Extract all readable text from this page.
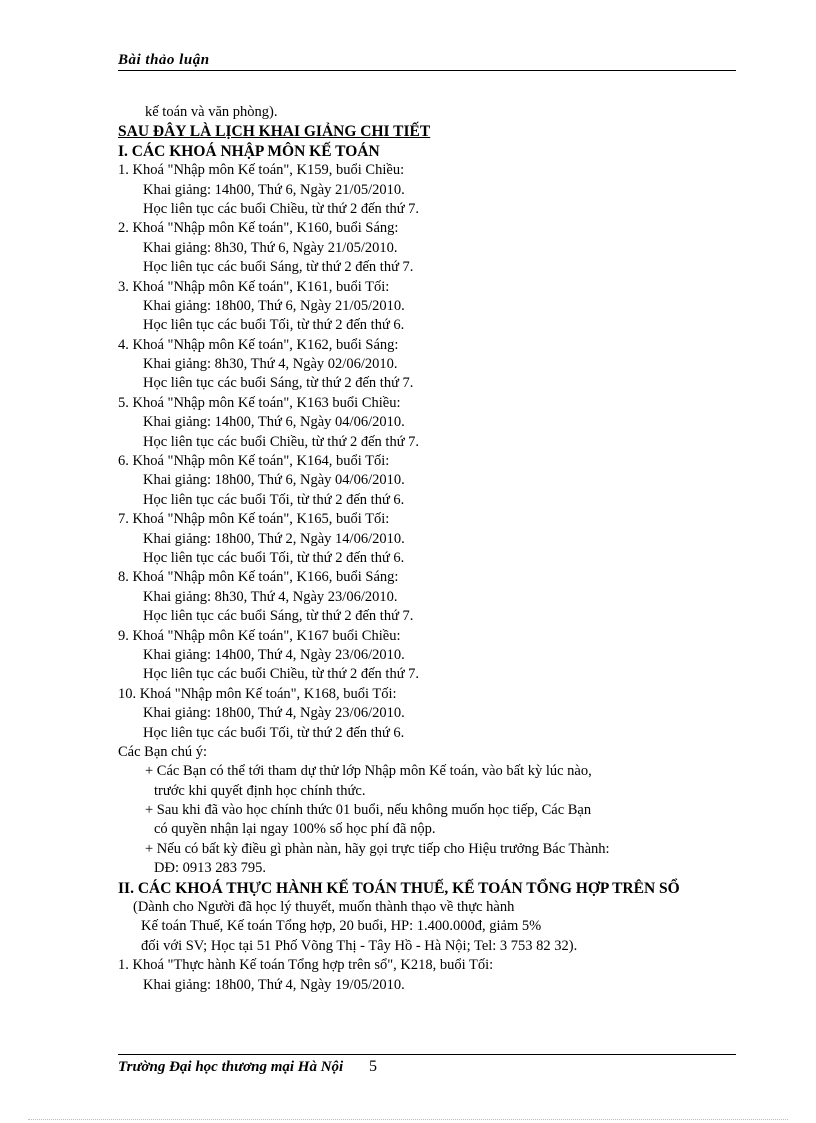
Bài thảo luận
kế toán và văn phòng).
SAU ĐÂY LÀ LỊCH KHAI GIẢNG CHI TIẾT
I. CÁC KHOÁ NHẬP MÔN KẾ TOÁN
1. Khoá "Nhập môn Kế toán", K159, buổi Chiều:
Khai giảng: 14h00, Thứ 6, Ngày 21/05/2010.
Học liên tục các buổi Chiều, từ thứ 2 đến thứ 7.
2. Khoá "Nhập môn Kế toán", K160, buổi Sáng:
Khai giảng: 8h30, Thứ 6, Ngày 21/05/2010.
Học liên tục các buổi Sáng, từ thứ 2 đến thứ 7.
3. Khoá "Nhập môn Kế toán", K161, buổi Tối:
Khai giảng: 18h00, Thứ 6, Ngày 21/05/2010.
Học liên tục các buổi Tối, từ thứ 2 đến thứ 6.
4. Khoá "Nhập môn Kế toán", K162, buổi Sáng:
Khai giảng: 8h30, Thứ 4, Ngày 02/06/2010.
Học liên tục các buổi Sáng, từ thứ 2 đến thứ 7.
5. Khoá "Nhập môn Kế toán", K163 buổi Chiều:
Khai giảng: 14h00, Thứ 6, Ngày 04/06/2010.
Học liên tục các buổi Chiều, từ thứ 2 đến thứ 7.
6. Khoá "Nhập môn Kế toán", K164, buổi Tối:
Khai giảng: 18h00, Thứ 6, Ngày 04/06/2010.
Học liên tục các buổi Tối, từ thứ 2 đến thứ 6.
7. Khoá "Nhập môn Kế toán", K165, buổi Tối:
Khai giảng: 18h00, Thứ 2, Ngày 14/06/2010.
Học liên tục các buổi Tối, từ thứ 2 đến thứ 6.
8. Khoá "Nhập môn Kế toán", K166, buổi Sáng:
Khai giảng: 8h30, Thứ 4, Ngày 23/06/2010.
Học liên tục các buổi Sáng, từ thứ 2 đến thứ 7.
9. Khoá "Nhập môn Kế toán", K167 buổi Chiều:
Khai giảng: 14h00, Thứ 4, Ngày 23/06/2010.
Học liên tục các buổi Chiều, từ thứ 2 đến thứ 7.
10. Khoá "Nhập môn Kế toán", K168, buổi Tối:
Khai giảng: 18h00, Thứ 4, Ngày 23/06/2010.
Học liên tục các buổi Tối, từ thứ 2 đến thứ 6.
Các Bạn chú ý:
+ Các Bạn có thể tới tham dự thử lớp Nhập môn Kế toán, vào bất kỳ lúc nào,
trước khi quyết định học chính thức.
+ Sau khi đã vào học chính thức 01 buổi, nếu không muốn học tiếp, Các Bạn
có quyền nhận lại ngay 100% số học phí đã nộp.
+ Nếu có bất kỳ điều gì phàn nàn, hãy gọi trực tiếp cho Hiệu trưởng Bác Thành:
DĐ: 0913 283 795.
II. CÁC KHOÁ THỰC HÀNH KẾ TOÁN THUẾ, KẾ TOÁN TỔNG HỢP TRÊN SỔ
(Dành cho Người đã học lý thuyết, muốn thành thạo về thực hành
Kế toán Thuế, Kế toán Tổng hợp, 20 buổi, HP: 1.400.000đ, giảm 5%
đối với SV; Học tại 51 Phố Võng Thị - Tây Hồ - Hà Nội; Tel: 3 753 82 32).
1. Khoá "Thực hành Kế toán Tổng hợp trên sổ", K218, buổi Tối:
Khai giảng: 18h00, Thứ 4, Ngày 19/05/2010.
Trường Đại học thương mại Hà Nội 5
